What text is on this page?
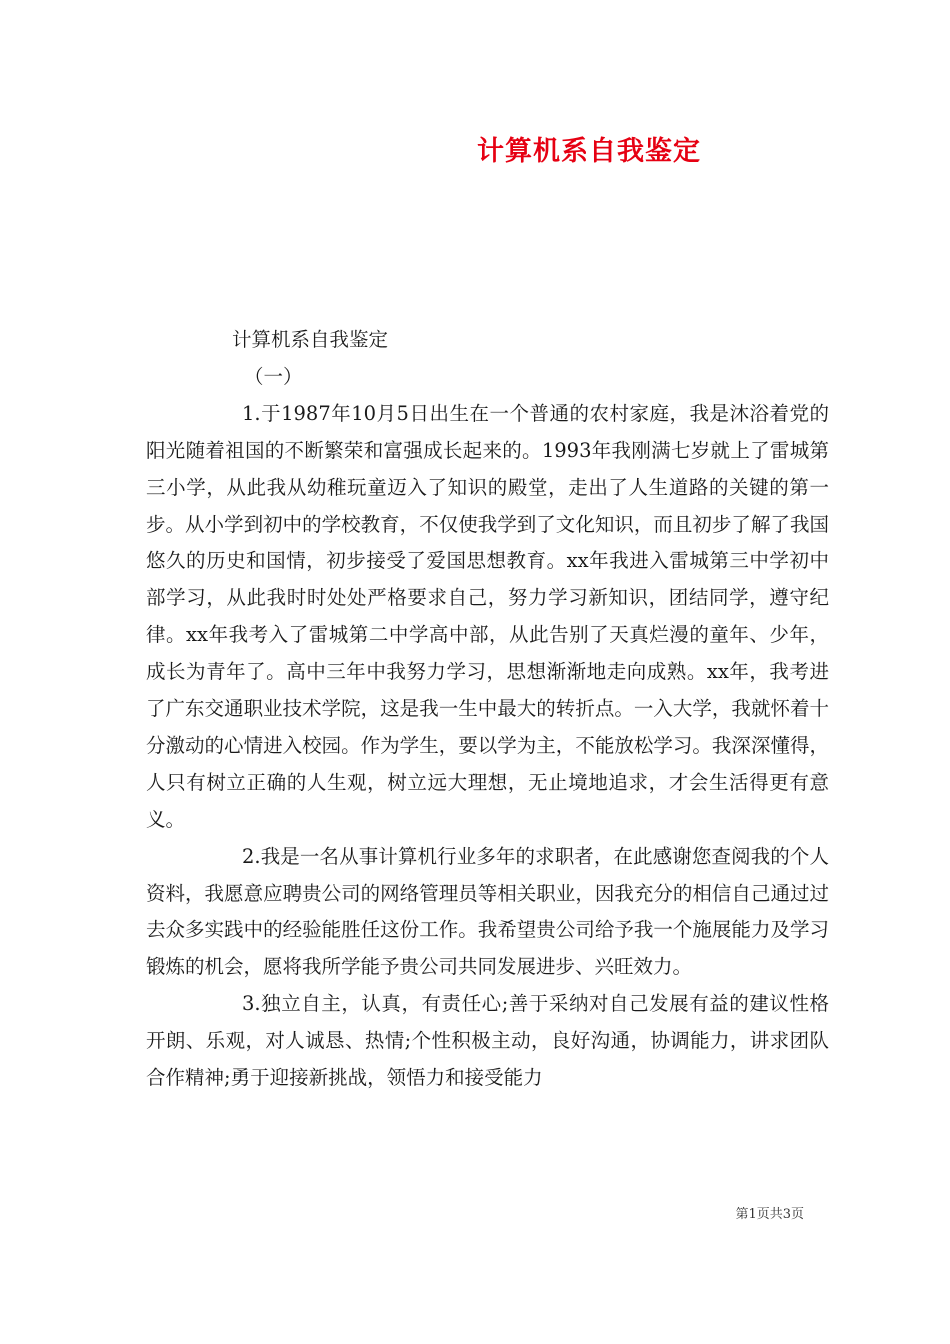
计算机系自我鉴定

计算机系自我鉴定

（一）

1.于1987年10月5日出生在一个普通的农村家庭，我是沐浴着党的阳光随着祖国的不断繁荣和富强成长起来的。1993年我刚满七岁就上了雷城第三小学，从此我从幼稚玩童迈入了知识的殿堂，走出了人生道路的关键的第一步。从小学到初中的学校教育，不仅使我学到了文化知识，而且初步了解了我国悠久的历史和国情，初步接受了爱国思想教育。xx年我进入雷城第三中学初中部学习，从此我时时处处严格要求自己，努力学习新知识，团结同学，遵守纪律。xx年我考入了雷城第二中学高中部，从此告别了天真烂漫的童年、少年，成长为青年了。高中三年中我努力学习，思想渐渐地走向成熟。xx年，我考进了广东交通职业技术学院，这是我一生中最大的转折点。一入大学，我就怀着十分激动的心情进入校园。作为学生，要以学为主，不能放松学习。我深深懂得，人只有树立正确的人生观，树立远大理想，无止境地追求，才会生活得更有意义。

2.我是一名从事计算机行业多年的求职者，在此感谢您查阅我的个人资料，我愿意应聘贵公司的网络管理员等相关职业，因我充分的相信自己通过过去众多实践中的经验能胜任这份工作。我希望贵公司给予我一个施展能力及学习锻炼的机会，愿将我所学能予贵公司共同发展进步、兴旺效力。

3.独立自主，认真，有责任心;善于采纳对自己发展有益的建议性格开朗、乐观，对人诚恳、热情;个性积极主动，良好沟通，协调能力，讲求团队合作精神;勇于迎接新挑战，领悟力和接受能力

第1页共3页
